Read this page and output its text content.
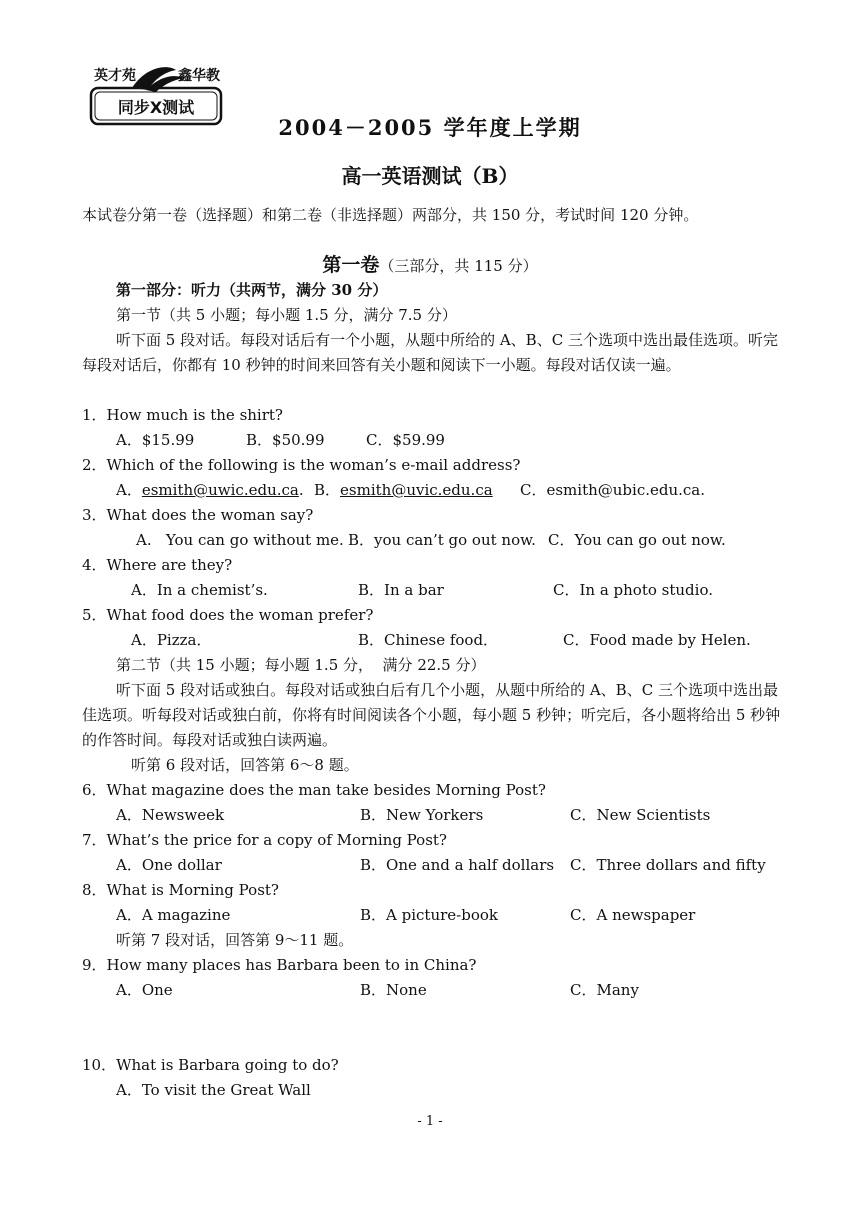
英才苑	鑫华教
同步X测试
2004－2005 学年度上学期
高一英语测试（B）
本试卷分第一卷（选择题）和第二卷（非选择题）两部分，共 150 分，考试时间 120 分钟。
第一卷（三部分，共 115 分）
第一部分：听力（共两节，满分 30 分）
第一节（共 5 小题；每小题 1.5 分，满分 7.5 分）
听下面 5 段对话。每段对话后有一个小题，从题中所给的 A、B、C 三个选项中选出最佳选项。听完每段对话后，你都有 10 秒钟的时间来回答有关小题和阅读下一小题。每段对话仅读一遍。
1．How much is the shirt?
A．$15.99	B．$50.99	C．$59.99
2．Which of the following is the woman’s e-mail address?
A．esmith@uwic.edu.ca. B．esmith@uvic.edu.ca C．esmith@ubic.edu.ca.
3．What does the woman say?
A.   You can go without me. B．you can’t go out now. C．You can go out now.
4．Where are they?
A．In a chemist’s.	B．In a bar	C．In a photo studio.
5．What food does the woman prefer?
A．Pizza．	B．Chinese food．	C．Food made by Helen.
第二节（共 15 小题；每小题 1.5 分，  满分 22.5 分）
听下面 5 段对话或独白。每段对话或独白后有几个小题，从题中所给的 A、B、C 三个选项中选出最佳选项。听每段对话或独白前，你将有时间阅读各个小题，每小题 5 秒钟；听完后，各小题将给出 5 秒钟的作答时间。每段对话或独白读两遍。
听第 6 段对话，回答第 6～8 题。
6．What magazine does the man take besides Morning Post?
A．Newsweek	B．New Yorkers	C．New Scientists
7．What’s the price for a copy of Morning Post?
A．One dollar	B．One and a half dollars C．Three dollars and fifty
8．What is Morning Post?
A．A magazine	B．A picture-book	C．A newspaper
听第 7 段对话，回答第 9～11 题。
9．How many places has Barbara been to in China?
A．One	B．None	C．Many
10．What is Barbara going to do?
A．To visit the Great Wall
- 1 -
